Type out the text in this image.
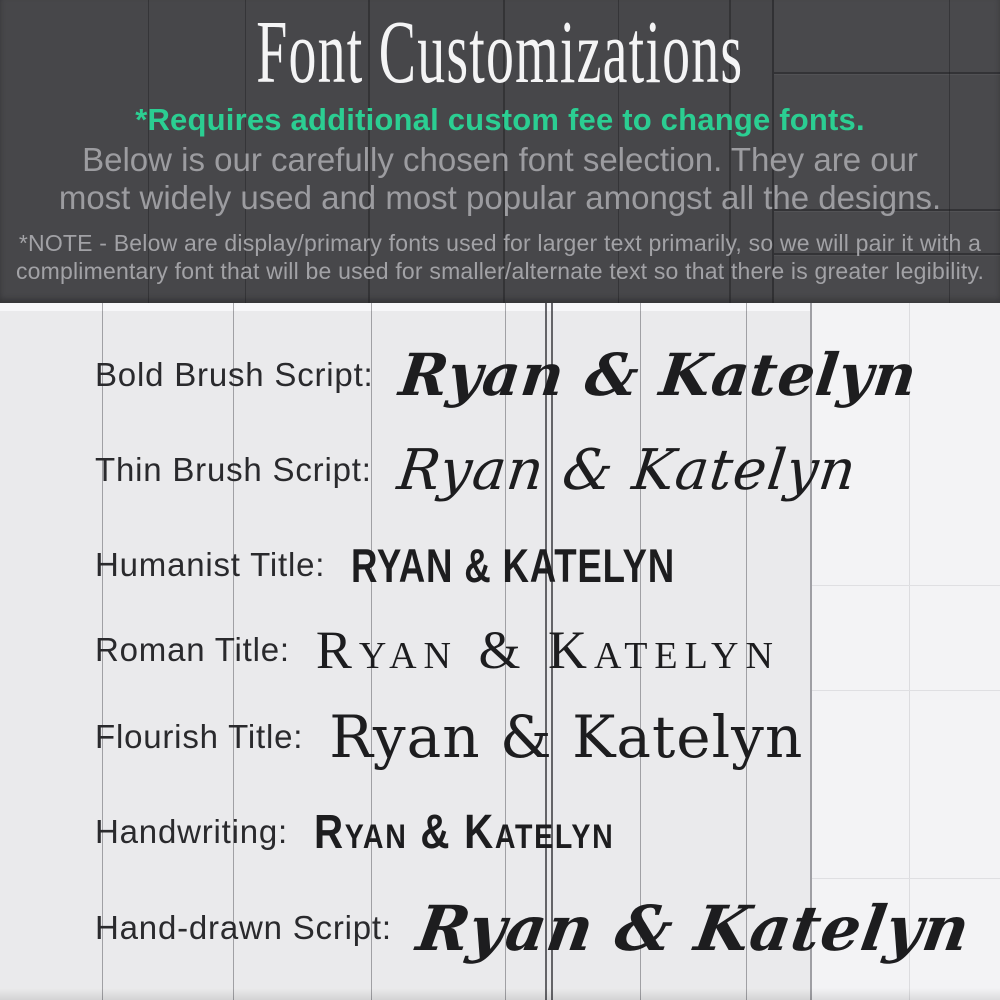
Font Customizations
*Requires additional custom fee to change fonts.
Below is our carefully chosen font selection. They are our
most widely used and most popular amongst all the designs.
*NOTE - Below are display/primary fonts used for larger text primarily, so we will pair it with a
complimentary font that will be used for smaller/alternate text so that there is greater legibility.
Bold Brush Script: Ryan & Katelyn
Thin Brush Script: Ryan & Katelyn
Humanist Title: RYAN & KATELYN
Roman Title: Ryan & Katelyn
Flourish Title: Ryan & Katelyn
Handwriting: Ryan & Katelyn
Hand-drawn Script: Ryan & Katelyn
